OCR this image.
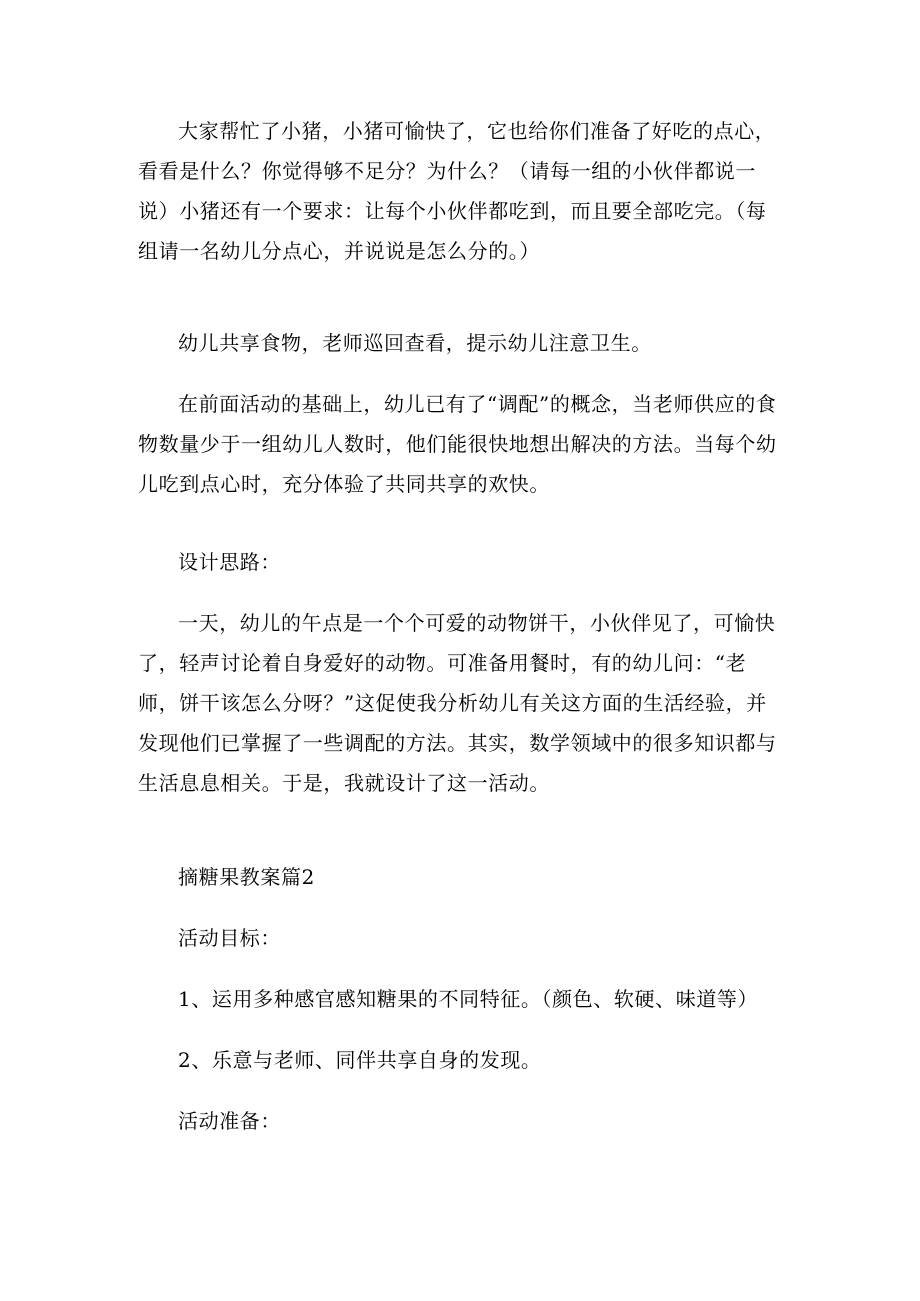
大家帮忙了小猪，小猪可愉快了，它也给你们准备了好吃的点心，看看是什么？你觉得够不足分？为什么？（请每一组的小伙伴都说一说）小猪还有一个要求：让每个小伙伴都吃到，而且要全部吃完。（每组请一名幼儿分点心，并说说是怎么分的。）

幼儿共享食物，老师巡回查看，提示幼儿注意卫生。

在前面活动的基础上，幼儿已有了“调配”的概念，当老师供应的食物数量少于一组幼儿人数时，他们能很快地想出解决的方法。当每个幼儿吃到点心时，充分体验了共同共享的欢快。

设计思路：

一天，幼儿的午点是一个个可爱的动物饼干，小伙伴见了，可愉快了，轻声讨论着自身爱好的动物。可准备用餐时，有的幼儿问：“老师，饼干该怎么分呀？”这促使我分析幼儿有关这方面的生活经验，并发现他们已掌握了一些调配的方法。其实，数学领域中的很多知识都与生活息息相关。于是，我就设计了这一活动。

摘糖果教案篇2

活动目标：

1、运用多种感官感知糖果的不同特征。（颜色、软硬、味道等）

2、乐意与老师、同伴共享自身的发现。

活动准备：
